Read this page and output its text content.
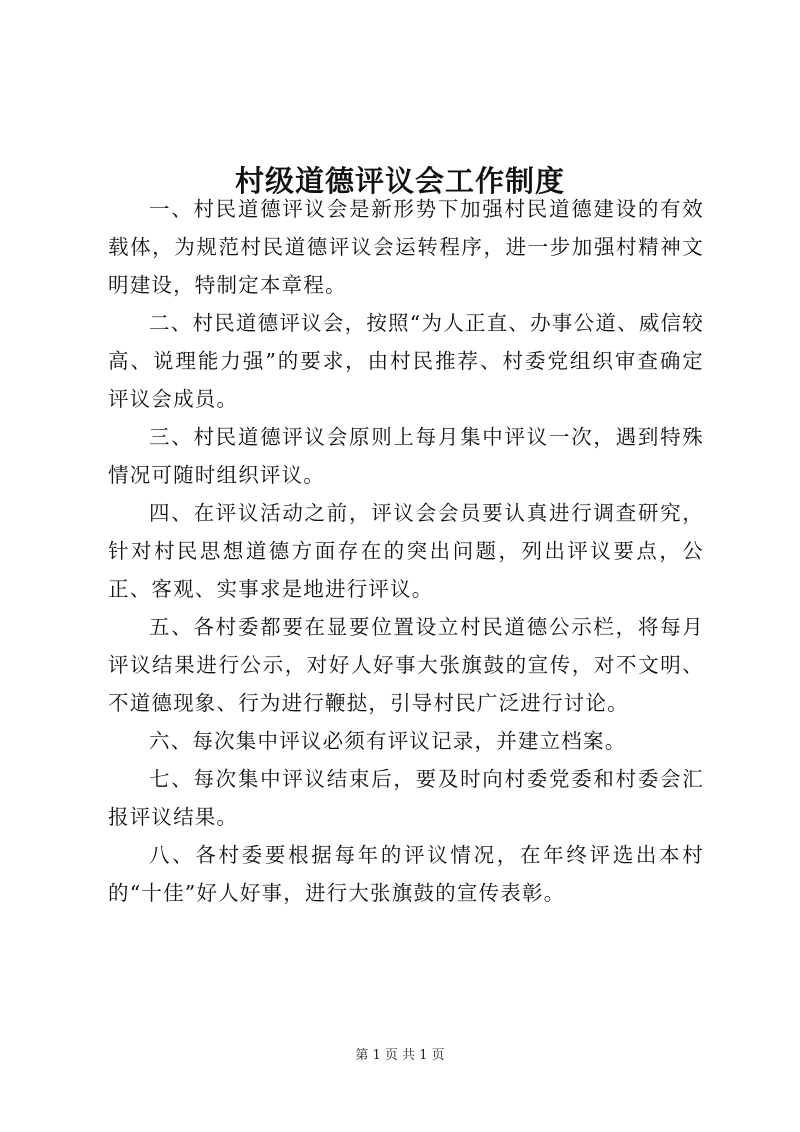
村级道德评议会工作制度

一、村民道德评议会是新形势下加强村民道德建设的有效载体，为规范村民道德评议会运转程序，进一步加强村精神文明建设，特制定本章程。

二、村民道德评议会，按照“为人正直、办事公道、威信较高、说理能力强”的要求，由村民推荐、村委党组织审查确定评议会成员。

三、村民道德评议会原则上每月集中评议一次，遇到特殊情况可随时组织评议。

四、在评议活动之前，评议会会员要认真进行调查研究，针对村民思想道德方面存在的突出问题，列出评议要点，公正、客观、实事求是地进行评议。

五、各村委都要在显要位置设立村民道德公示栏，将每月评议结果进行公示，对好人好事大张旗鼓的宣传，对不文明、不道德现象、行为进行鞭挞，引导村民广泛进行讨论。

六、每次集中评议必须有评议记录，并建立档案。

七、每次集中评议结束后，要及时向村委党委和村委会汇报评议结果。

八、各村委要根据每年的评议情况，在年终评选出本村的“十佳”好人好事，进行大张旗鼓的宣传表彰。

第 1 页 共 1 页
